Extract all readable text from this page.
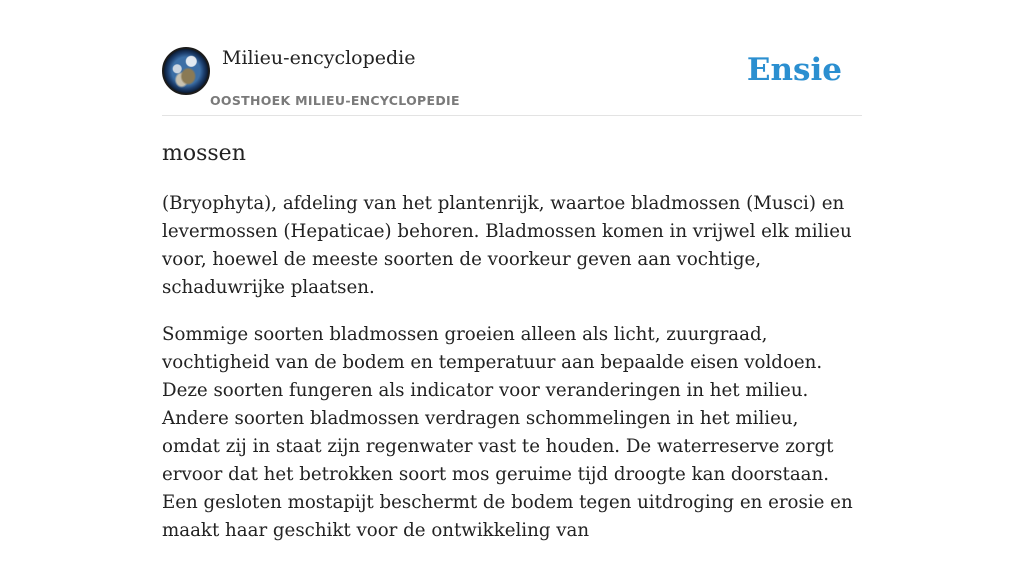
Milieu-encyclopedie
OOSTHOEK MILIEU-ENCYCLOPEDIE
Ensie
mossen

(Bryophyta), afdeling van het plantenrijk, waartoe bladmossen (Musci) en levermossen (Hepaticae) behoren. Bladmossen komen in vrijwel elk milieu voor, hoewel de meeste soorten de voorkeur geven aan vochtige, schaduwrijke plaatsen.

Sommige soorten bladmossen groeien alleen als licht, zuurgraad, vochtigheid van de bodem en temperatuur aan bepaalde eisen voldoen. Deze soorten fungeren als indicator voor veranderingen in het milieu. Andere soorten bladmossen verdragen schommelingen in het milieu, omdat zij in staat zijn regenwater vast te houden. De waterreserve zorgt ervoor dat het betrokken soort mos geruime tijd droogte kan doorstaan. Een gesloten mostapijt beschermt de bodem tegen uitdroging en erosie en maakt haar geschikt voor de ontwikkeling van
